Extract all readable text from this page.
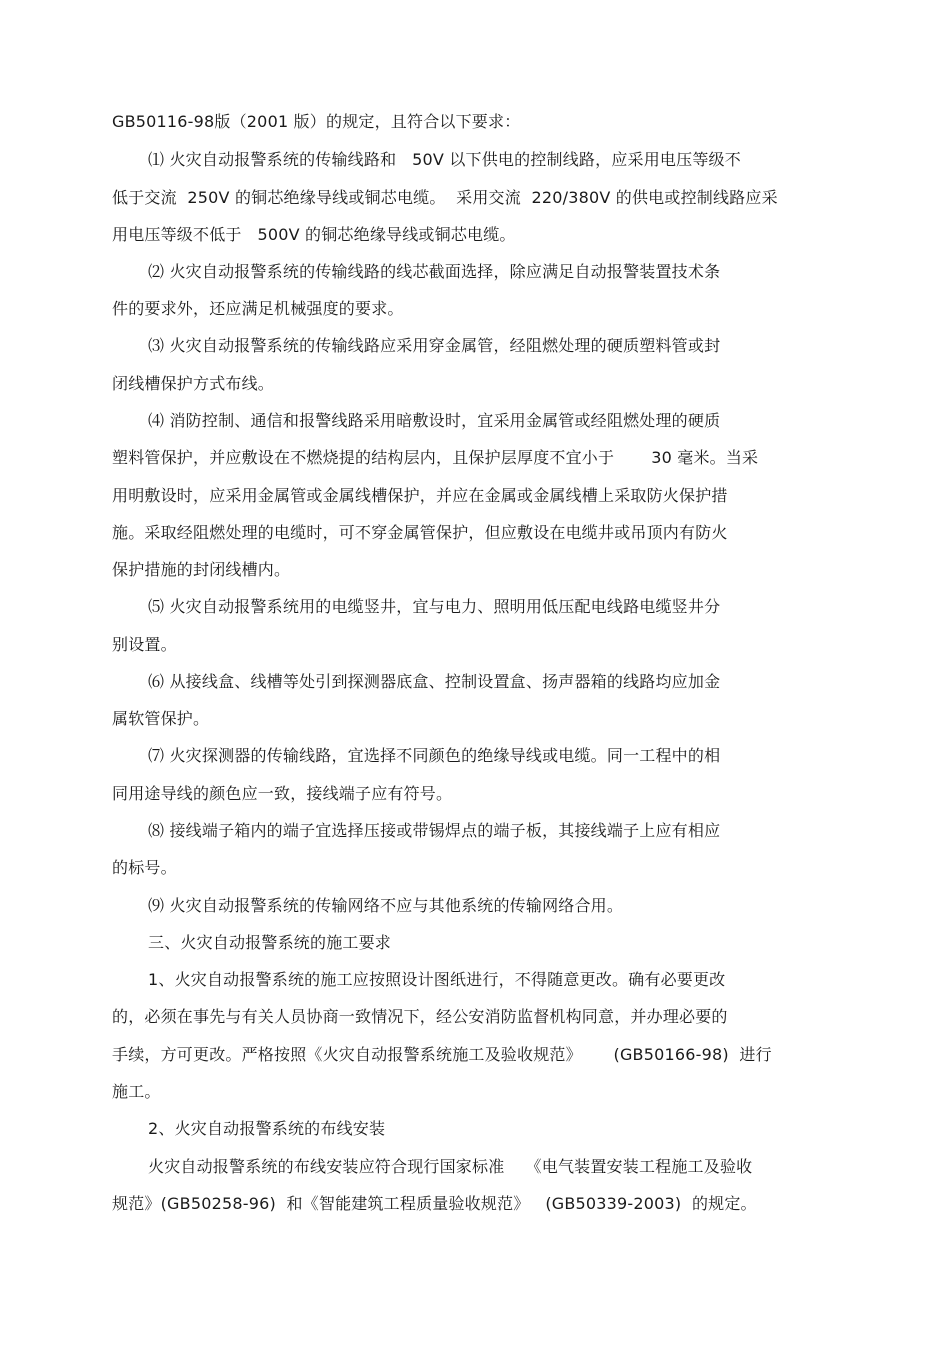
GB50116-98版（2001 版）的规定，且符合以下要求：
⑴ 火灾自动报警系统的传输线路和   50V 以下供电的控制线路，应采用电压等级不
低于交流  250V 的铜芯绝缘导线或铜芯电缆。  采用交流  220/380V 的供电或控制线路应采
用电压等级不低于   500V 的铜芯绝缘导线或铜芯电缆。
⑵ 火灾自动报警系统的传输线路的线芯截面选择，除应满足自动报警装置技术条
件的要求外，还应满足机械强度的要求。
⑶ 火灾自动报警系统的传输线路应采用穿金属管，经阻燃处理的硬质塑料管或封
闭线槽保护方式布线。
⑷ 消防控制、通信和报警线路采用暗敷设时，宜采用金属管或经阻燃处理的硬质
塑料管保护，并应敷设在不燃烧提的结构层内，且保护层厚度不宜小于       30 毫米。当采
用明敷设时，应采用金属管或金属线槽保护，并应在金属或金属线槽上采取防火保护措
施。采取经阻燃处理的电缆时，可不穿金属管保护，但应敷设在电缆井或吊顶内有防火
保护措施的封闭线槽内。
⑸ 火灾自动报警系统用的电缆竖井，宜与电力、照明用低压配电线路电缆竖井分
别设置。
⑹ 从接线盒、线槽等处引到探测器底盒、控制设置盒、扬声器箱的线路均应加金
属软管保护。
⑺ 火灾探测器的传输线路，宜选择不同颜色的绝缘导线或电缆。同一工程中的相
同用途导线的颜色应一致，接线端子应有符号。
⑻ 接线端子箱内的端子宜选择压接或带锡焊点的端子板，其接线端子上应有相应
的标号。
⑼ 火灾自动报警系统的传输网络不应与其他系统的传输网络合用。
三、火灾自动报警系统的施工要求
1、火灾自动报警系统的施工应按照设计图纸进行，不得随意更改。确有必要更改
的，必须在事先与有关人员协商一致情况下，经公安消防监督机构同意，并办理必要的
手续，方可更改。严格按照《火灾自动报警系统施工及验收规范》      (GB50166-98)  进行
施工。
2、火灾自动报警系统的布线安装
火灾自动报警系统的布线安装应符合现行国家标准    《电气装置安装工程施工及验收
规范》(GB50258-96)  和《智能建筑工程质量验收规范》   (GB50339-2003)  的规定。
